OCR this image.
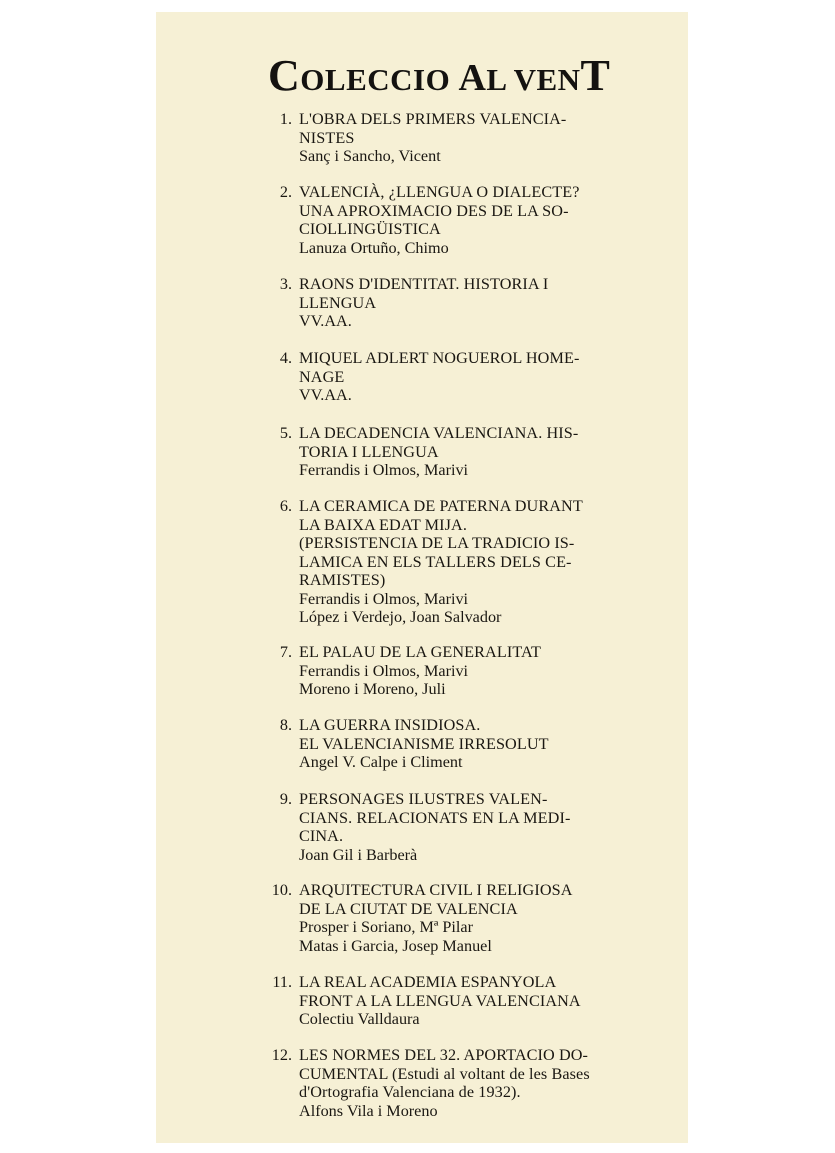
COLECCIO AL VENT
1. L'OBRA DELS PRIMERS VALENCIA-
NISTES
Sanç i Sancho, Vicent
2. VALENCIÀ, ¿LLENGUA O DIALECTE?
UNA APROXIMACIO DES DE LA SO-
CIOLLINGÜISTICA
Lanuza Ortuño, Chimo
3. RAONS D'IDENTITAT. HISTORIA I
LLENGUA
VV.AA.
4. MIQUEL ADLERT NOGUEROL HOME-
NAGE
VV.AA.
5. LA DECADENCIA VALENCIANA. HIS-
TORIA I LLENGUA
Ferrandis i Olmos, Marivi
6. LA CERAMICA DE PATERNA DURANT
LA BAIXA EDAT MIJA.
(PERSISTENCIA DE LA TRADICIO IS-
LAMICA EN ELS TALLERS DELS CE-
RAMISTES)
Ferrandis i Olmos, Marivi
López i Verdejo, Joan Salvador
7. EL PALAU DE LA GENERALITAT
Ferrandis i Olmos, Marivi
Moreno i Moreno, Juli
8. LA GUERRA INSIDIOSA.
EL VALENCIANISME IRRESOLUT
Angel V. Calpe i Climent
9. PERSONAGES ILUSTRES VALEN-
CIANS. RELACIONATS EN LA MEDI-
CINA.
Joan Gil i Barberà
10. ARQUITECTURA CIVIL I RELIGIOSA
DE LA CIUTAT DE VALENCIA
Prosper i Soriano, Mª Pilar
Matas i Garcia, Josep Manuel
11. LA REAL ACADEMIA ESPANYOLA
FRONT A LA LLENGUA VALENCIANA
Colectiu Valldaura
12. LES NORMES DEL 32. APORTACIO DO-
CUMENTAL (Estudi al voltant de les Bases
d'Ortografia Valenciana de 1932).
Alfons Vila i Moreno
